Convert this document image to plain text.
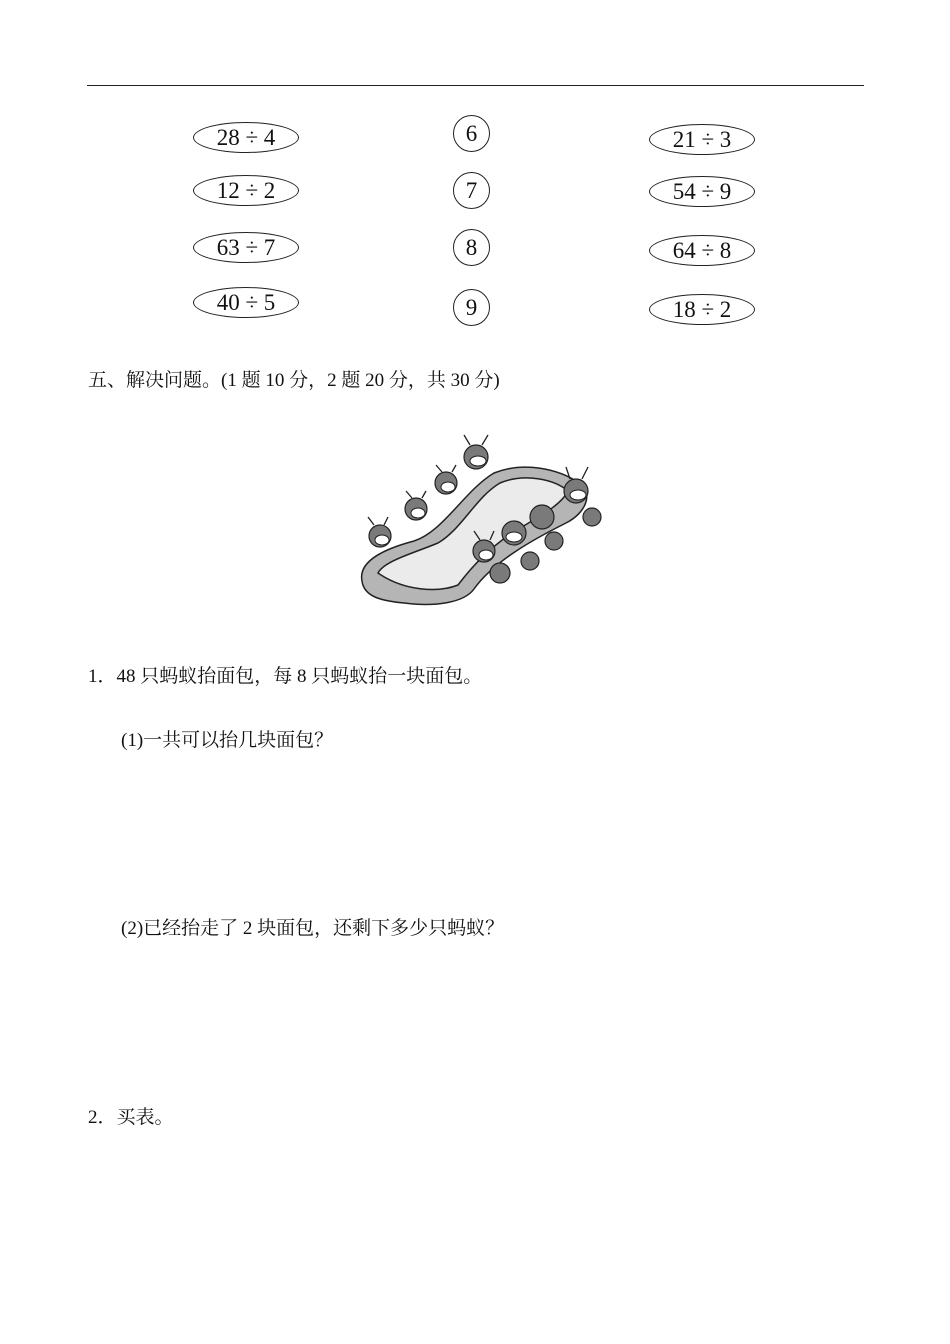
28 ÷ 4
12 ÷ 2
63 ÷ 7
40 ÷ 5
6
7
8
9
21 ÷ 3
54 ÷ 9
64 ÷ 8
18 ÷ 2
五、解决问题。(1 题 10 分，2 题 20 分，共 30 分)
1．48 只蚂蚁抬面包，每 8 只蚂蚁抬一块面包。
(1)一共可以抬几块面包？
(2)已经抬走了 2 块面包，还剩下多少只蚂蚁？
2．买表。
